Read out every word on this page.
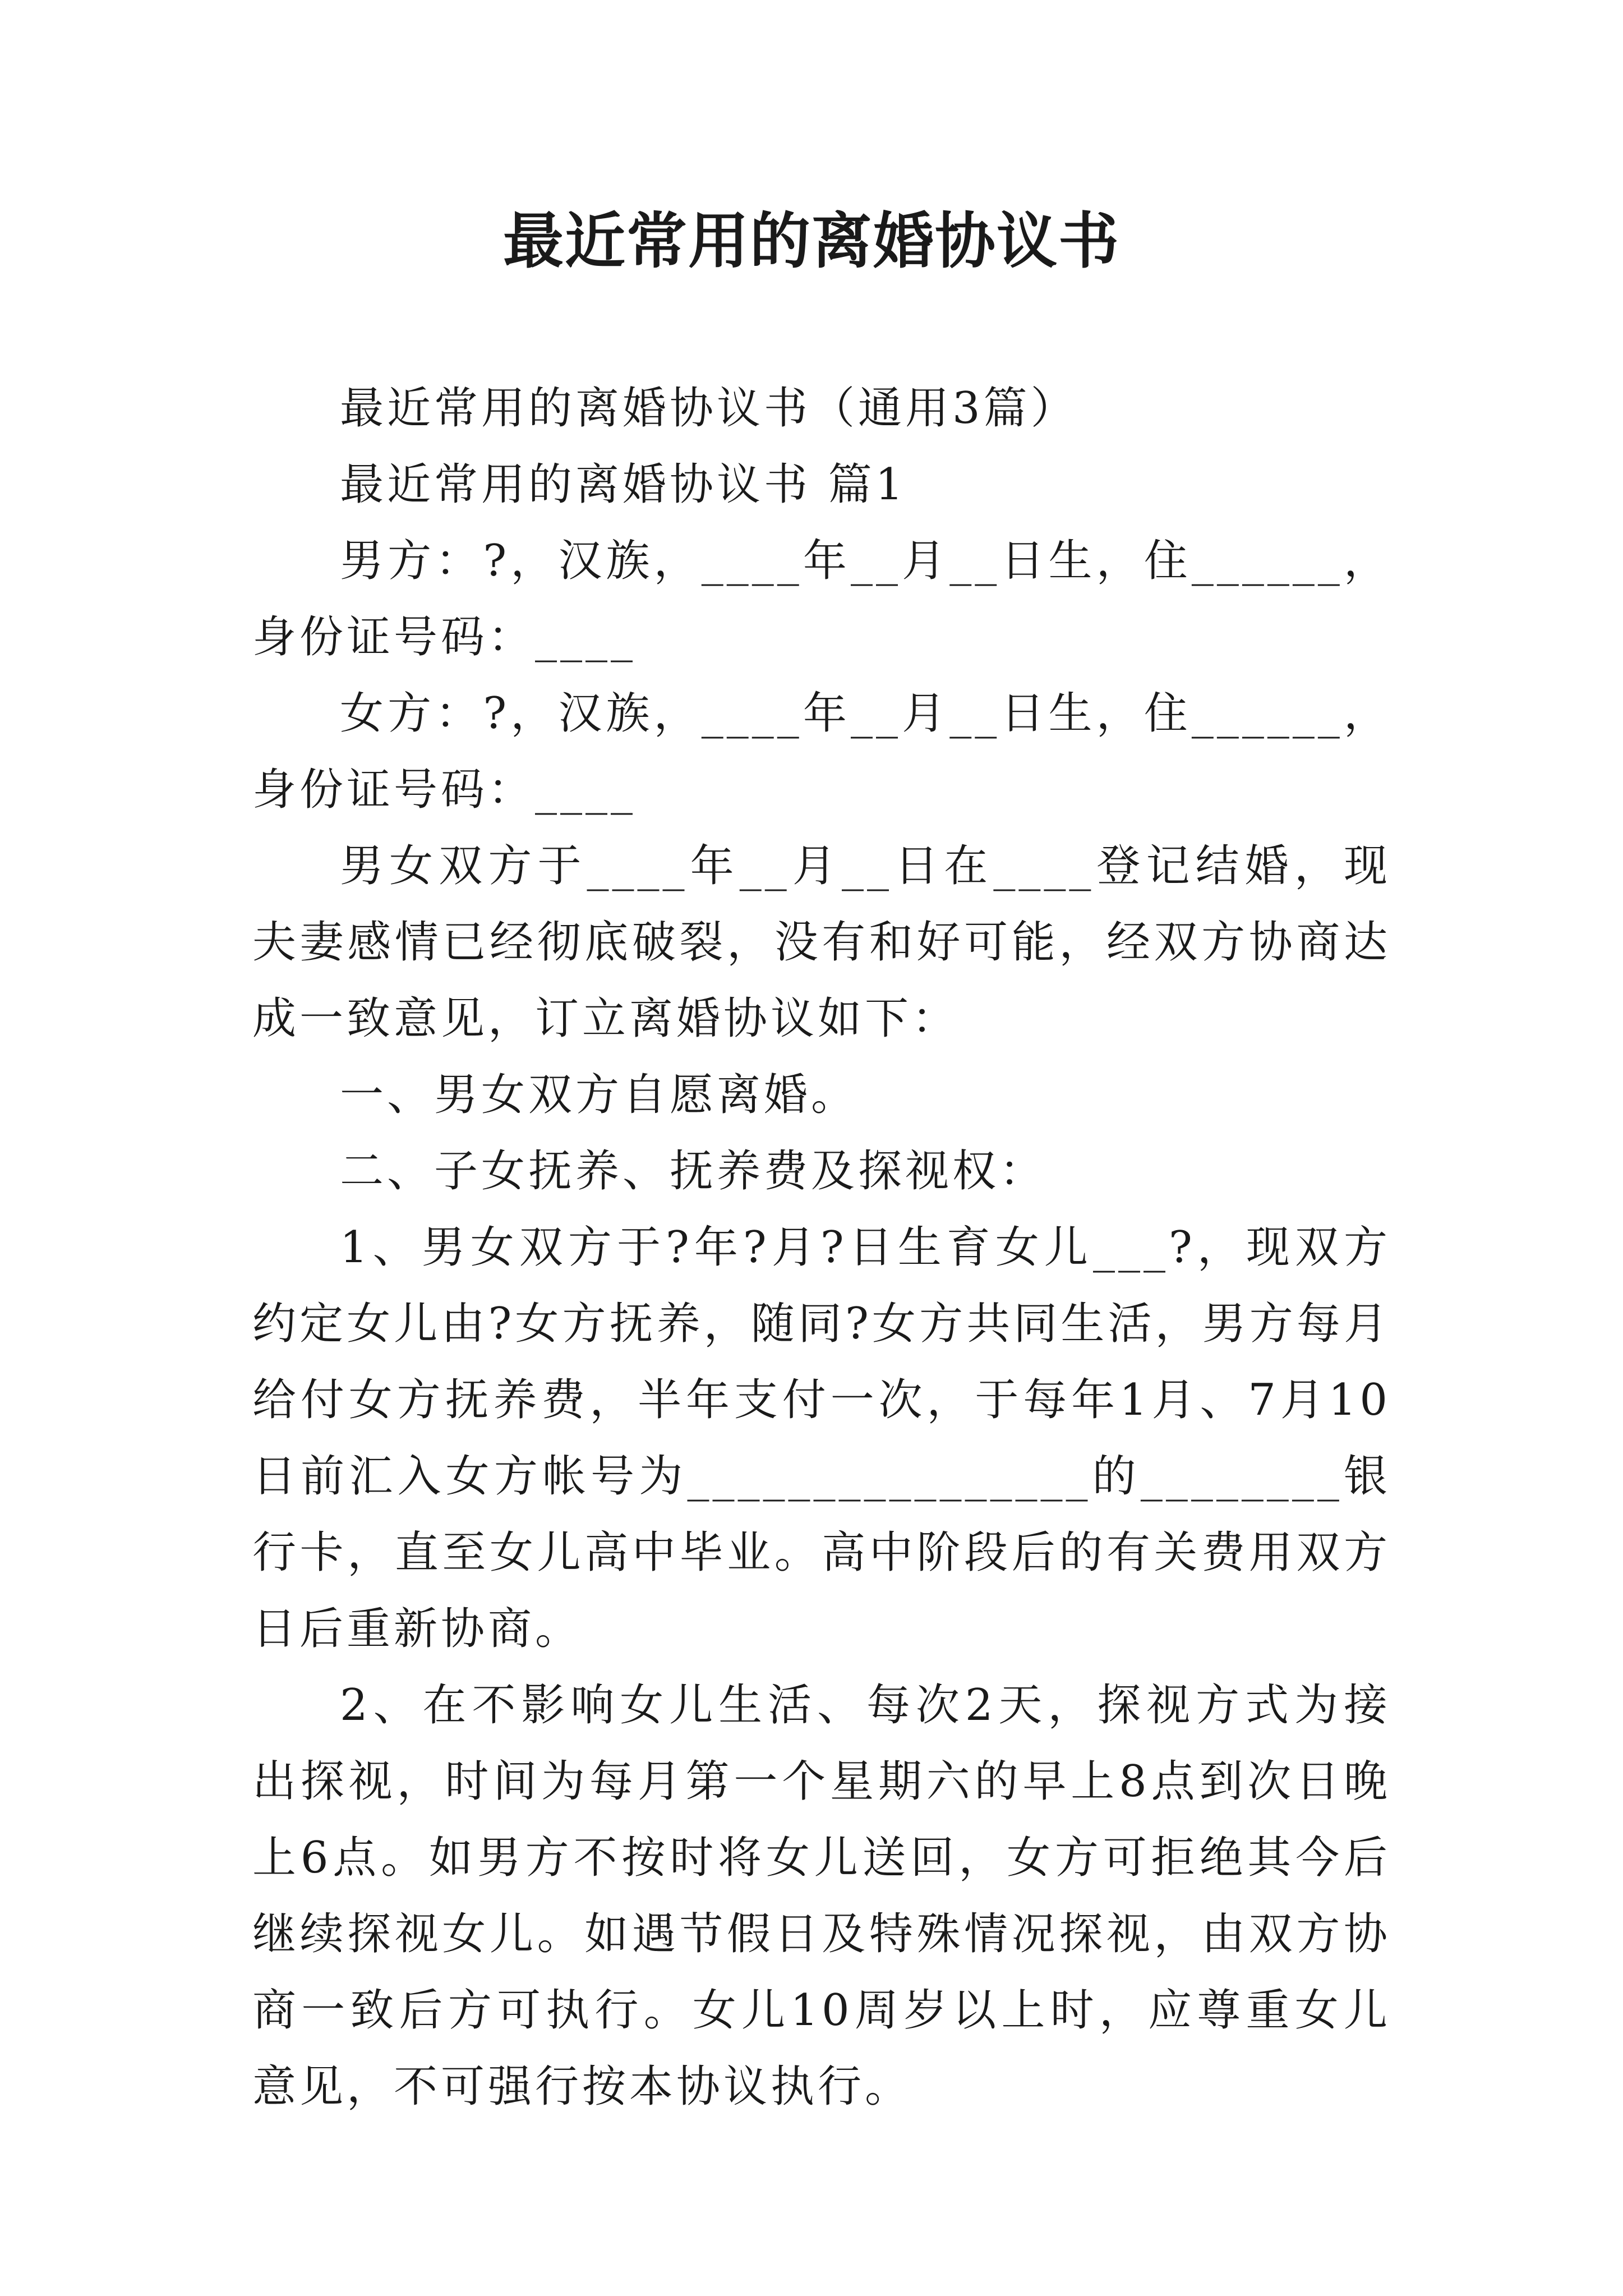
最近常用的离婚协议书

最近常用的离婚协议书（通用3篇）

最近常用的离婚协议书 篇1

男方：?，汉族，____年__月__日生，住______，身份证号码：____

女方：?，汉族，____年__月__日生，住______，身份证号码：____

男女双方于____年__月__日在____登记结婚，现夫妻感情已经彻底破裂，没有和好可能，经双方协商达成一致意见，订立离婚协议如下：

一、男女双方自愿离婚。

二、子女抚养、抚养费及探视权：

1、男女双方于?年?月?日生育女儿___?，现双方约定女儿由?女方抚养，随同?女方共同生活，男方每月给付女方抚养费，半年支付一次，于每年1月、7月10日前汇入女方帐号为________________的________银行卡，直至女儿高中毕业。高中阶段后的有关费用双方日后重新协商。

2、在不影响女儿生活、每次2天，探视方式为接出探视，时间为每月第一个星期六的早上8点到次日晚上6点。如男方不按时将女儿送回，女方可拒绝其今后继续探视女儿。如遇节假日及特殊情况探视，由双方协商一致后方可执行。女儿10周岁以上时，应尊重女儿意见，不可强行按本协议执行。
